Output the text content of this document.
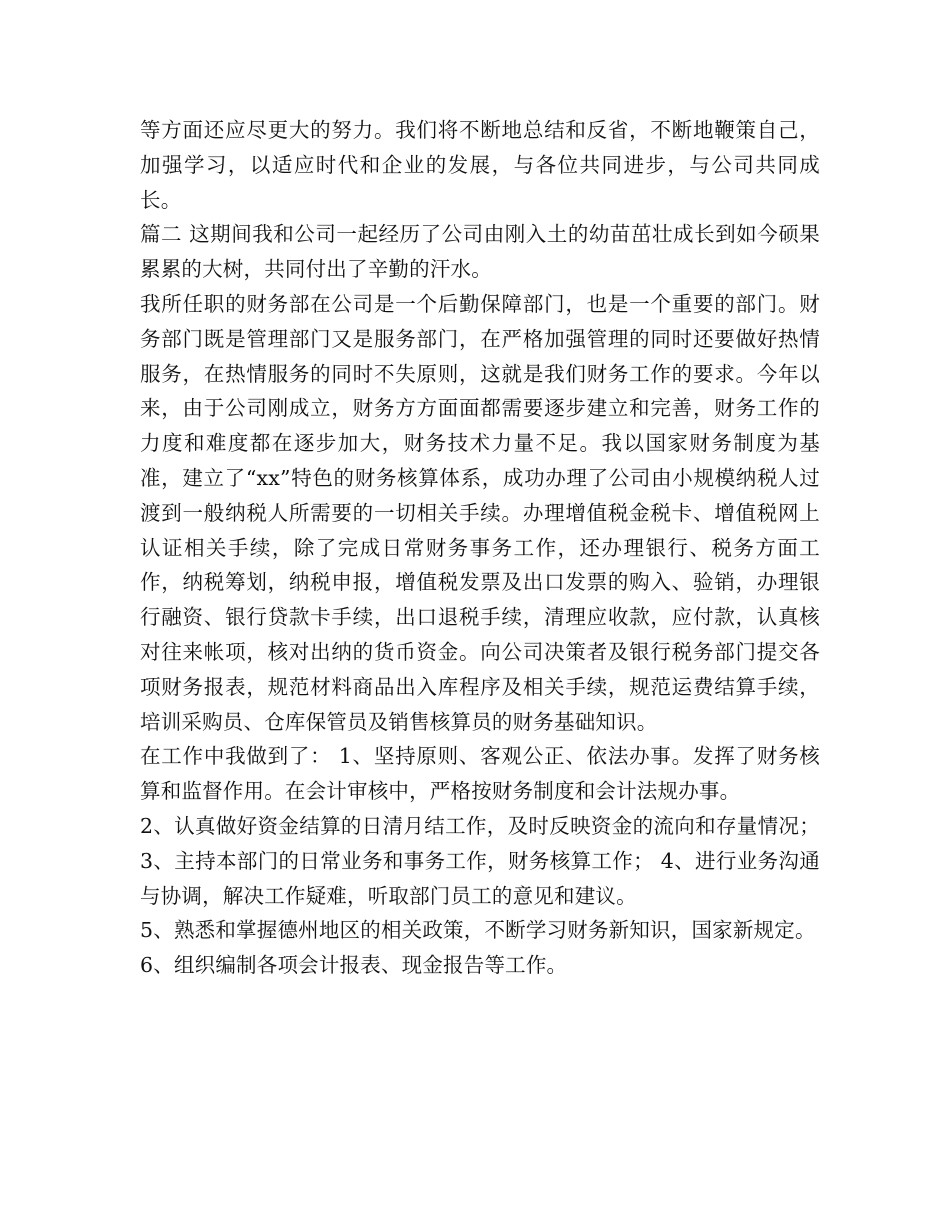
等方面还应尽更大的努力。我们将不断地总结和反省，不断地鞭策自己，加强学习，以适应时代和企业的发展，与各位共同进步，与公司共同成长。

篇二 这期间我和公司一起经历了公司由刚入土的幼苗茁壮成长到如今硕果累累的大树，共同付出了辛勤的汗水。

我所任职的财务部在公司是一个后勤保障部门，也是一个重要的部门。财务部门既是管理部门又是服务部门，在严格加强管理的同时还要做好热情服务，在热情服务的同时不失原则，这就是我们财务工作的要求。今年以来，由于公司刚成立，财务方方面面都需要逐步建立和完善，财务工作的力度和难度都在逐步加大，财务技术力量不足。我以国家财务制度为基准，建立了“xx”特色的财务核算体系，成功办理了公司由小规模纳税人过渡到一般纳税人所需要的一切相关手续。办理增值税金税卡、增值税网上认证相关手续，除了完成日常财务事务工作，还办理银行、税务方面工作，纳税筹划，纳税申报，增值税发票及出口发票的购入、验销，办理银行融资、银行贷款卡手续，出口退税手续，清理应收款，应付款，认真核对往来帐项，核对出纳的货币资金。向公司决策者及银行税务部门提交各项财务报表，规范材料商品出入库程序及相关手续，规范运费结算手续，培训采购员、仓库保管员及销售核算员的财务基础知识。

在工作中我做到了： 1、坚持原则、客观公正、依法办事。发挥了财务核算和监督作用。在会计审核中，严格按财务制度和会计法规办事。

2、认真做好资金结算的日清月结工作，及时反映资金的流向和存量情况； 3、主持本部门的日常业务和事务工作，财务核算工作； 4、进行业务沟通与协调，解决工作疑难，听取部门员工的意见和建议。

5、熟悉和掌握德州地区的相关政策，不断学习财务新知识，国家新规定。

6、组织编制各项会计报表、现金报告等工作。
